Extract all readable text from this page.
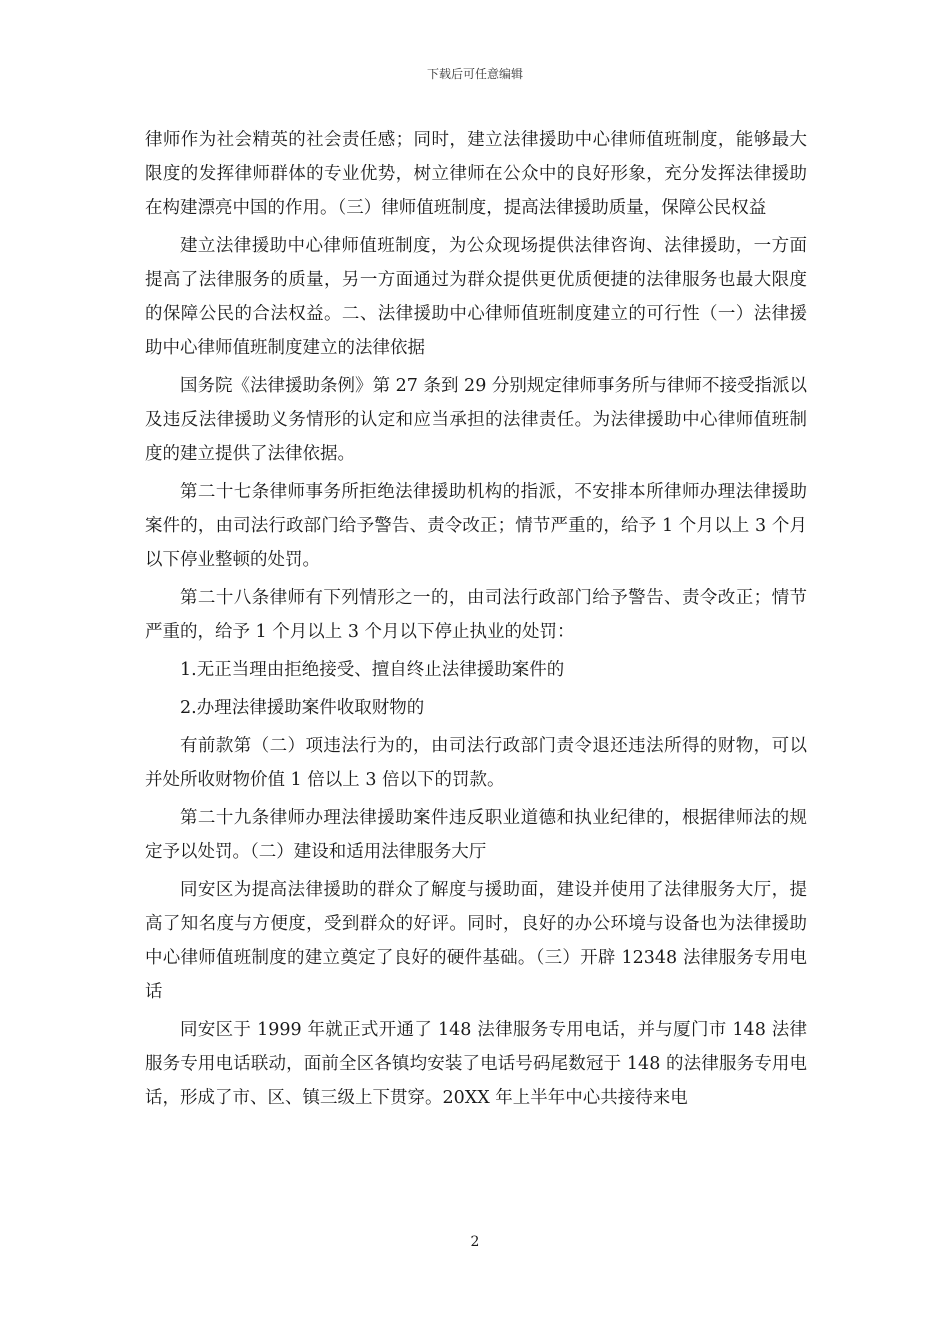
下载后可任意编辑

律师作为社会精英的社会责任感；同时，建立法律援助中心律师值班制度，能够最大限度的发挥律师群体的专业优势，树立律师在公众中的良好形象，充分发挥法律援助在构建漂亮中国的作用。（三）律师值班制度，提高法律援助质量，保障公民权益

建立法律援助中心律师值班制度，为公众现场提供法律咨询、法律援助，一方面提高了法律服务的质量，另一方面通过为群众提供更优质便捷的法律服务也最大限度的保障公民的合法权益。二、法律援助中心律师值班制度建立的可行性（一）法律援助中心律师值班制度建立的法律依据

国务院《法律援助条例》第 27 条到 29 分别规定律师事务所与律师不接受指派以及违反法律援助义务情形的认定和应当承担的法律责任。为法律援助中心律师值班制度的建立提供了法律依据。

第二十七条律师事务所拒绝法律援助机构的指派，不安排本所律师办理法律援助案件的，由司法行政部门给予警告、责令改正；情节严重的，给予 1 个月以上 3 个月以下停业整顿的处罚。

第二十八条律师有下列情形之一的，由司法行政部门给予警告、责令改正；情节严重的，给予 1 个月以上 3 个月以下停止执业的处罚：

1.无正当理由拒绝接受、擅自终止法律援助案件的

2.办理法律援助案件收取财物的

有前款第（二）项违法行为的，由司法行政部门责令退还违法所得的财物，可以并处所收财物价值 1 倍以上 3 倍以下的罚款。

第二十九条律师办理法律援助案件违反职业道德和执业纪律的，根据律师法的规定予以处罚。（二）建设和适用法律服务大厅

同安区为提高法律援助的群众了解度与援助面，建设并使用了法律服务大厅，提高了知名度与方便度，受到群众的好评。同时，良好的办公环境与设备也为法律援助中心律师值班制度的建立奠定了良好的硬件基础。（三）开辟 12348 法律服务专用电话

同安区于 1999 年就正式开通了 148 法律服务专用电话，并与厦门市 148 法律服务专用电话联动，面前全区各镇均安装了电话号码尾数冠于 148 的法律服务专用电话，形成了市、区、镇三级上下贯穿。20XX 年上半年中心共接待来电

2
